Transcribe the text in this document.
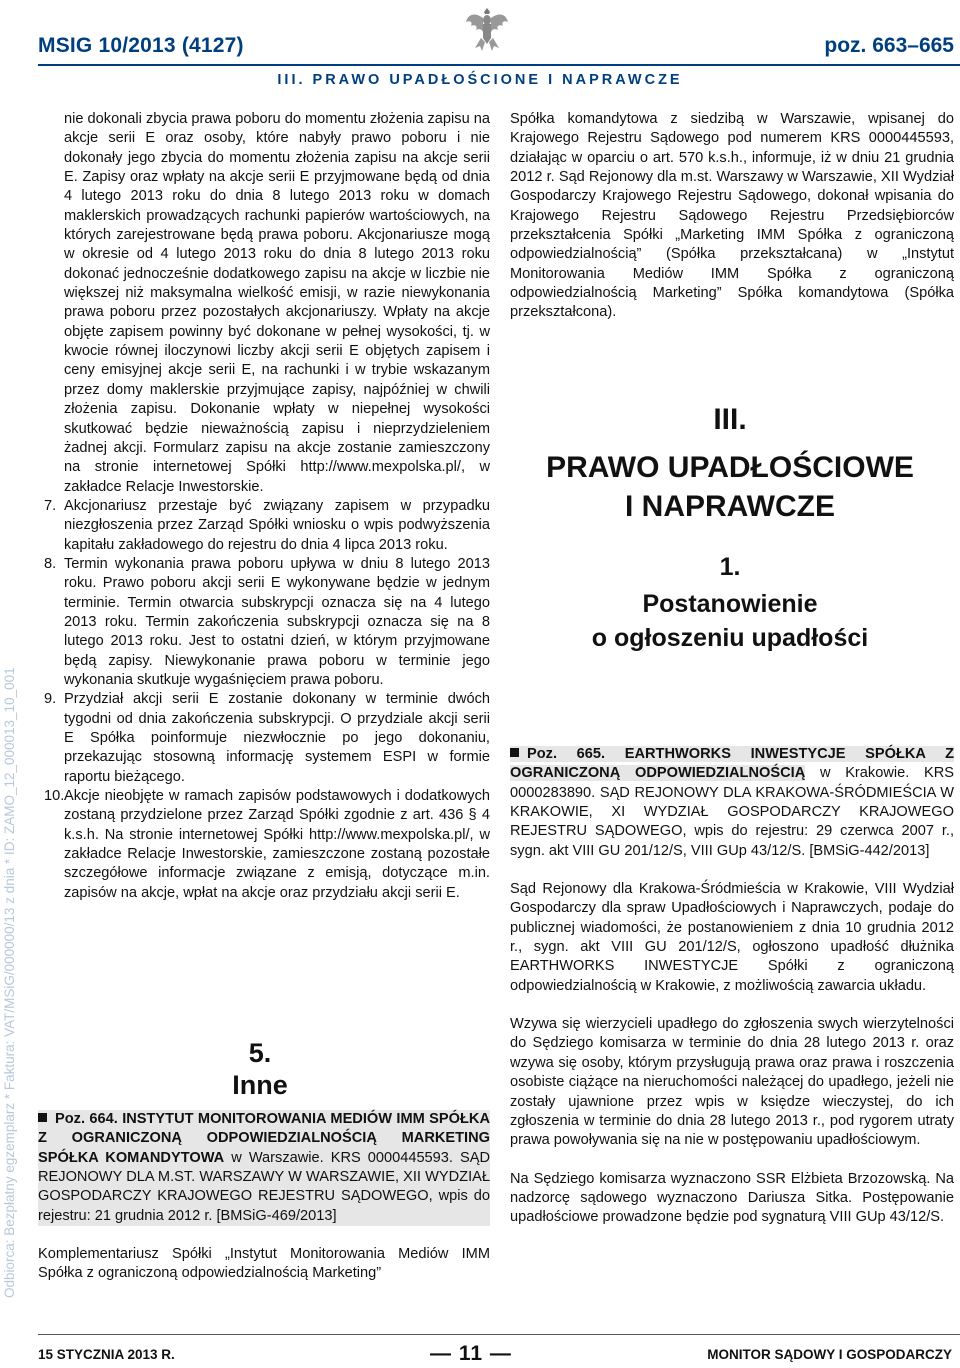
MSIG 10/2013 (4127)	poz. 663–665
III. PRAWO UPADŁOŚCIONE I NAPRAWCZE
Odbiorca: Bezpłatny egzemplarz * Faktura: VAT/MSiG/000000/13 z dnia * ID: ZAMO_12_000013_10_001

nie dokonali zbycia prawa poboru do momentu złożenia zapisu na akcje serii E oraz osoby, które nabyły prawo poboru i nie dokonały jego zbycia do momentu złożenia zapisu na akcje serii E. Zapisy oraz wpłaty na akcje serii E przyjmowane będą od dnia 4 lutego 2013 roku do dnia 8 lutego 2013 roku w domach maklerskich prowadzących rachunki papierów wartościowych, na których zarejestrowane będą prawa poboru. Akcjonariusze mogą w okresie od 4 lutego 2013 roku do dnia 8 lutego 2013 roku dokonać jednocześnie dodatkowego zapisu na akcje w liczbie nie większej niż maksymalna wielkość emisji, w razie niewykonania prawa poboru przez pozostałych akcjonariuszy. Wpłaty na akcje objęte zapisem powinny być dokonane w pełnej wysokości, tj. w kwocie równej iloczynowi liczby akcji serii E objętych zapisem i ceny emisyjnej akcje serii E, na rachunki i w trybie wskazanym przez domy maklerskie przyjmujące zapisy, najpóźniej w chwili złożenia zapisu. Dokonanie wpłaty w niepełnej wysokości skutkować będzie nieważnością zapisu i nieprzydzieleniem żadnej akcji. Formularz zapisu na akcje zostanie zamieszczony na stronie internetowej Spółki http://www.mexpolska.pl/, w zakładce Relacje Inwestorskie.

7. Akcjonariusz przestaje być związany zapisem w przypadku niezgłoszenia przez Zarząd Spółki wniosku o wpis podwyższenia kapitału zakładowego do rejestru do dnia 4 lipca 2013 roku.
8. Termin wykonania prawa poboru upływa w dniu 8 lutego 2013 roku. Prawo poboru akcji serii E wykonywane będzie w jednym terminie. Termin otwarcia subskrypcji oznacza się na 4 lutego 2013 roku. Termin zakończenia subskrypcji oznacza się na 8 lutego 2013 roku. Jest to ostatni dzień, w którym przyjmowane będą zapisy. Niewykonanie prawa poboru w terminie jego wykonania skutkuje wygaśnięciem prawa poboru.
9. Przydział akcji serii E zostanie dokonany w terminie dwóch tygodni od dnia zakończenia subskrypcji. O przydziale akcji serii E Spółka poinformuje niezwłocznie po jego dokonaniu, przekazując stosowną informację systemem ESPI w formie raportu bieżącego.
10. Akcje nieobjęte w ramach zapisów podstawowych i dodatkowych zostaną przydzielone przez Zarząd Spółki zgodnie z art. 436 § 4 k.s.h. Na stronie internetowej Spółki http://www.mexpolska.pl/, w zakładce Relacje Inwestorskie, zamieszczone zostaną pozostałe szczegółowe informacje związane z emisją, dotyczące m.in. zapisów na akcje, wpłat na akcje oraz przydziału akcji serii E.
5.
Inne
Poz. 664. INSTYTUT MONITOROWANIA MEDIÓW IMM SPÓŁKA Z OGRANICZONĄ ODPOWIEDZIALNOŚCIĄ MARKETING SPÓŁKA KOMANDYTOWA w Warszawie. KRS 0000445593. SĄD REJONOWY DLA M.ST. WARSZAWY W WARSZAWIE, XII WYDZIAŁ GOSPODARCZY KRAJOWEGO REJESTRU SĄDOWEGO, wpis do rejestru: 21 grudnia 2012 r. [BMSiG-469/2013]

Komplementariusz Spółki „Instytut Monitorowania Mediów IMM Spółka z ograniczoną odpowiedzialnością Marketing”

Spółka komandytowa z siedzibą w Warszawie, wpisanej do Krajowego Rejestru Sądowego pod numerem KRS 0000445593, działając w oparciu o art. 570 k.s.h., informuje, iż w dniu 21 grudnia 2012 r. Sąd Rejonowy dla m.st. Warszawy w Warszawie, XII Wydział Gospodarczy Krajowego Rejestru Sądowego, dokonał wpisania do Krajowego Rejestru Sądowego Rejestru Przedsiębiorców przekształcenia Spółki „Marketing IMM Spółka z ograniczoną odpowiedzialnością” (Spółka przekształcana) w „Instytut Monitorowania Mediów IMM Spółka z ograniczoną odpowiedzialnością Marketing” Spółka komandytowa (Spółka przekształcona).

III.
PRAWO UPADŁOŚCIOWE
I NAPRAWCZE
1.
Postanowienie
o ogłoszeniu upadłości
Poz. 665. EARTHWORKS INWESTYCJE SPÓŁKA Z OGRANICZONĄ ODPOWIEDZIALNOŚCIĄ w Krakowie. KRS 0000283890. SĄD REJONOWY DLA KRAKOWA-ŚRÓDMIEŚCIA W KRAKOWIE, XI WYDZIAŁ GOSPODARCZY KRAJOWEGO REJESTRU SĄDOWEGO, wpis do rejestru: 29 czerwca 2007 r., sygn. akt VIII GU 201/12/S, VIII GUp 43/12/S. [BMSiG-442/2013]

Sąd Rejonowy dla Krakowa-Śródmieścia w Krakowie, VIII Wydział Gospodarczy dla spraw Upadłościowych i Naprawczych, podaje do publicznej wiadomości, że postanowieniem z dnia 10 grudnia 2012 r., sygn. akt VIII GU 201/12/S, ogłoszono upadłość dłużnika EARTHWORKS INWESTYCJE Spółki z ograniczoną odpowiedzialnością w Krakowie, z możliwością zawarcia układu.

Wzywa się wierzycieli upadłego do zgłoszenia swych wierzytelności do Sędziego komisarza w terminie do dnia 28 lutego 2013 r. oraz wzywa się osoby, którym przysługują prawa oraz prawa i roszczenia osobiste ciążące na nieruchomości należącej do upadłego, jeżeli nie zostały ujawnione przez wpis w księdze wieczystej, do ich zgłoszenia w terminie do dnia 28 lutego 2013 r., pod rygorem utraty prawa powoływania się na nie w postępowaniu upadłościowym.

Na Sędziego komisarza wyznaczono SSR Elżbieta Brzozowską. Na nadzorcę sądowego wyznaczono Dariusza Sitka. Postępowanie upadłościowe prowadzone będzie pod sygnaturą VIII GUp 43/12/S.

15 STYCZNIA 2013 R.	— 11 —	MONITOR SĄDOWY I GOSPODARCZY
